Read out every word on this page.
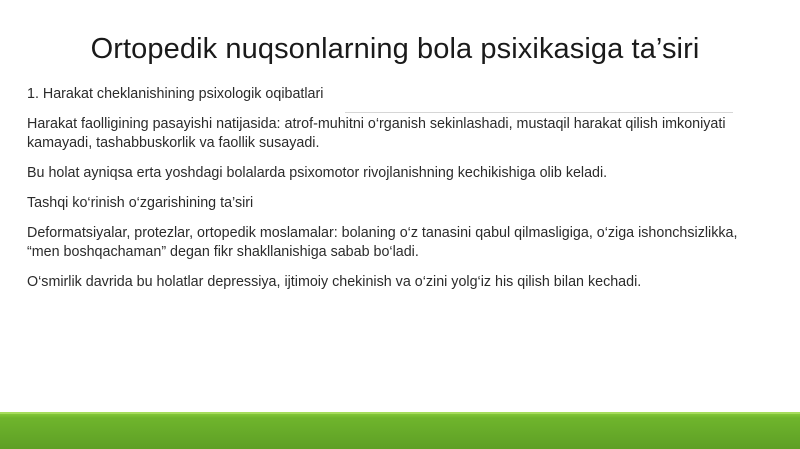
Ortopedik nuqsonlarning bola psixikasiga ta’siri

1. Harakat cheklanishining psixologik oqibatlari

Harakat faolligining pasayishi natijasida: atrof-muhitni o‘rganish sekinlashadi, mustaqil harakat qilish imkoniyati kamayadi, tashabbuskorlik va faollik susayadi.

Bu holat ayniqsa erta yoshdagi bolalarda psixomotor rivojlanishning kechikishiga olib keladi.

Tashqi ko‘rinish o‘zgarishining ta’siri

Deformatsiyalar, protezlar, ortopedik moslamalar: bolaning o‘z tanasini qabul qilmasligiga, o‘ziga ishonchsizlikka, “men boshqachaman” degan fikr shakllanishiga sabab bo‘ladi.

O‘smirlik davrida bu holatlar depressiya, ijtimoiy chekinish va o‘zini yolg‘iz his qilish bilan kechadi.
